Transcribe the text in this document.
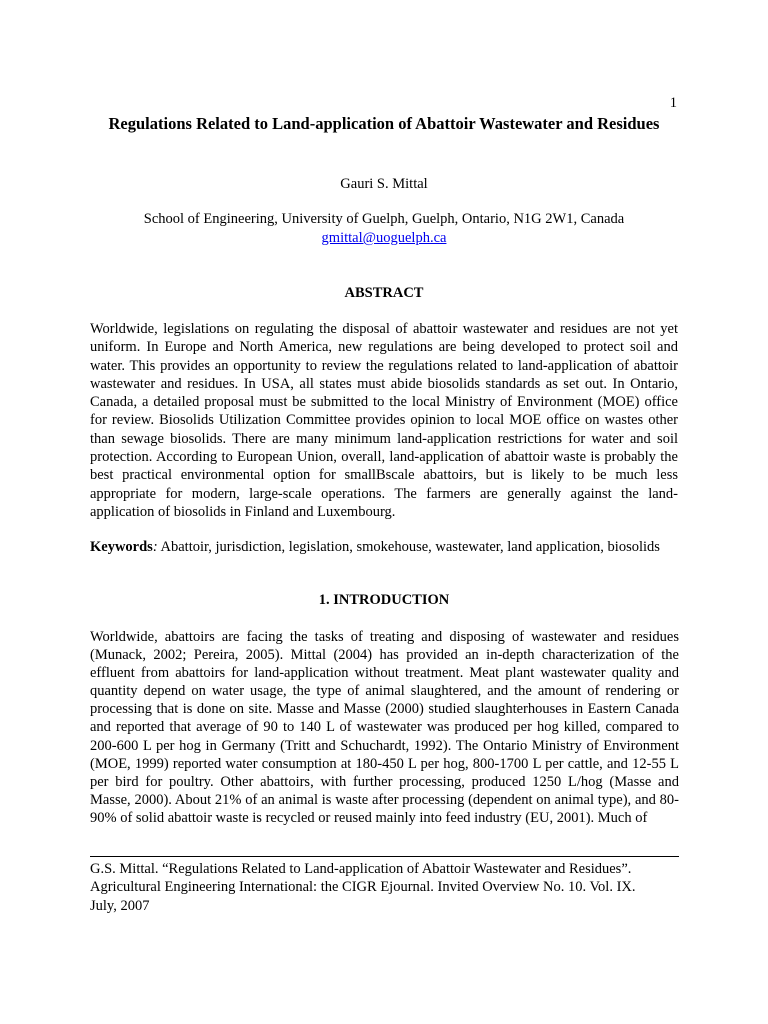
1
Regulations Related to Land-application of Abattoir Wastewater and Residues
Gauri S. Mittal
School of Engineering, University of Guelph, Guelph, Ontario, N1G 2W1, Canada
gmittal@uoguelph.ca
ABSTRACT
Worldwide, legislations on regulating the disposal of abattoir wastewater and residues are not yet uniform. In Europe and North America, new regulations are being developed to protect soil and water. This provides an opportunity to review the regulations related to land-application of abattoir wastewater and residues. In USA, all states must abide biosolids standards as set out. In Ontario, Canada, a detailed proposal must be submitted to the local Ministry of Environment (MOE) office for review. Biosolids Utilization Committee provides opinion to local MOE office on wastes other than sewage biosolids. There are many minimum land-application restrictions for water and soil protection. According to European Union, overall, land-application of abattoir waste is probably the best practical environmental option for smallBscale abattoirs, but is likely to be much less appropriate for modern, large-scale operations. The farmers are generally against the land-application of biosolids in Finland and Luxembourg.
Keywords: Abattoir, jurisdiction, legislation, smokehouse, wastewater, land application, biosolids
1. INTRODUCTION
Worldwide, abattoirs are facing the tasks of treating and disposing of wastewater and residues (Munack, 2002; Pereira, 2005). Mittal (2004) has provided an in-depth characterization of the effluent from abattoirs for land-application without treatment. Meat plant wastewater quality and quantity depend on water usage, the type of animal slaughtered, and the amount of rendering or processing that is done on site. Masse and Masse (2000) studied slaughterhouses in Eastern Canada and reported that average of 90 to 140 L of wastewater was produced per hog killed, compared to 200-600 L per hog in Germany (Tritt and Schuchardt, 1992). The Ontario Ministry of Environment (MOE, 1999) reported water consumption at 180-450 L per hog, 800-1700 L per cattle, and 12-55 L per bird for poultry. Other abattoirs, with further processing, produced 1250 L/hog (Masse and Masse, 2000). About 21% of an animal is waste after processing (dependent on animal type), and 80-90% of solid abattoir waste is recycled or reused mainly into feed industry (EU, 2001). Much of
G.S. Mittal. “Regulations Related to Land-application of Abattoir Wastewater and Residues”.
Agricultural Engineering International: the CIGR Ejournal. Invited Overview No. 10. Vol. IX.
July, 2007
